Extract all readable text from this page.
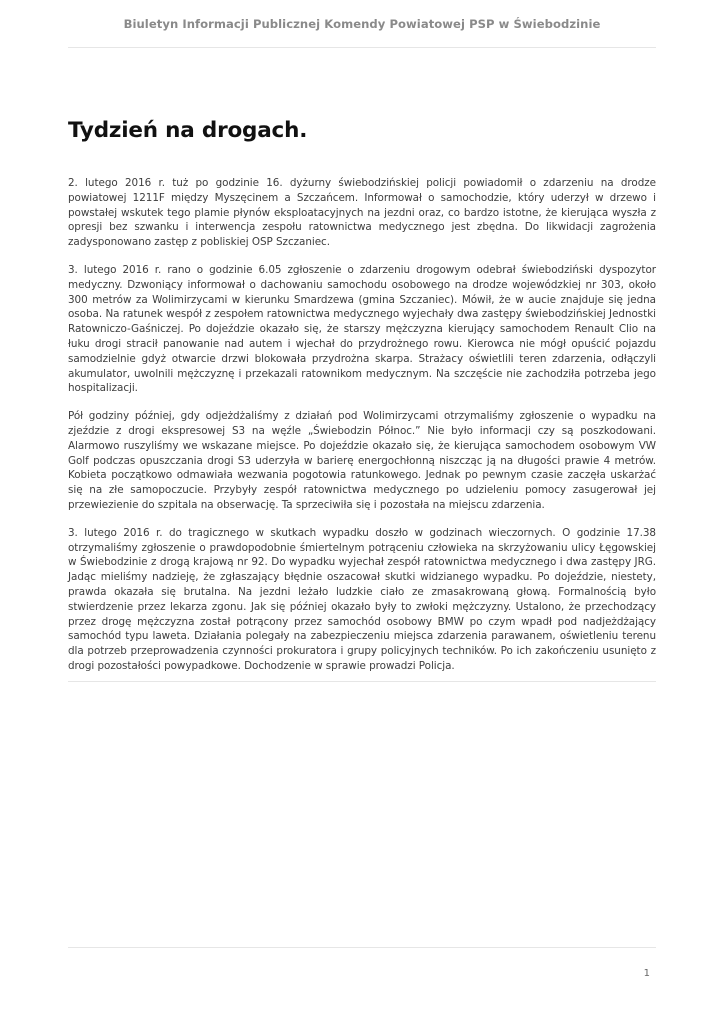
Biuletyn Informacji Publicznej Komendy Powiatowej PSP w Świebodzinie
Tydzień na drogach.

2. lutego 2016 r. tuż po godzinie 16. dyżurny świebodzińskiej policji powiadomił o zdarzeniu na drodze powiatowej 1211F między Myszęcinem a Szczańcem. Informował o samochodzie, który uderzył w drzewo i powstałej wskutek tego plamie płynów eksploatacyjnych na jezdni oraz, co bardzo istotne, że kierująca wyszła z opresji bez szwanku i interwencja zespołu ratownictwa medycznego jest zbędna. Do likwidacji zagrożenia zadysponowano zastęp z pobliskiej OSP Szczaniec.

3. lutego 2016 r. rano o godzinie 6.05 zgłoszenie o zdarzeniu drogowym odebrał świebodziński dyspozytor medyczny. Dzwoniący informował o dachowaniu samochodu osobowego na drodze wojewódzkiej nr 303, około 300 metrów za Wolimirzycami w kierunku Smardzewa (gmina Szczaniec). Mówił, że w aucie znajduje się jedna osoba. Na ratunek wespół z zespołem ratownictwa medycznego wyjechały dwa zastępy świebodzińskiej Jednostki Ratowniczo-Gaśniczej. Po dojeździe okazało się, że starszy mężczyzna kierujący samochodem Renault Clio na łuku drogi stracił panowanie nad autem i wjechał do przydrożnego rowu. Kierowca nie mógł opuścić pojazdu samodzielnie gdyż otwarcie drzwi blokowała przydrożna skarpa. Strażacy oświetlili teren zdarzenia, odłączyli akumulator, uwolnili mężczyznę i przekazali ratownikom medycznym. Na szczęście nie zachodziła potrzeba jego hospitalizacji.

Pół godziny później, gdy odjeżdżaliśmy z działań pod Wolimirzycami otrzymaliśmy zgłoszenie o wypadku na zjeździe z drogi ekspresowej S3 na węźle „Świebodzin Północ.” Nie było informacji czy są poszkodowani. Alarmowo ruszyliśmy we wskazane miejsce. Po dojeździe okazało się, że kierująca samochodem osobowym VW Golf podczas opuszczania drogi S3 uderzyła w barierę energochłonną niszcząc ją na długości prawie 4 metrów. Kobieta początkowo odmawiała wezwania pogotowia ratunkowego. Jednak po pewnym czasie zaczęła uskarżać się na złe samopoczucie. Przybyły zespół ratownictwa medycznego po udzieleniu pomocy zasugerował jej przewiezienie do szpitala na obserwację. Ta sprzeciwiła się i pozostała na miejscu zdarzenia.

3. lutego 2016 r. do tragicznego w skutkach wypadku doszło w godzinach wieczornych. O godzinie 17.38 otrzymaliśmy zgłoszenie o prawdopodobnie śmiertelnym potrąceniu człowieka na skrzyżowaniu ulicy Łęgowskiej w Świebodzinie z drogą krajową nr 92. Do wypadku wyjechał zespół ratownictwa medycznego i dwa zastępy JRG. Jadąc mieliśmy nadzieję, że zgłaszający błędnie oszacował skutki widzianego wypadku. Po dojeździe, niestety, prawda okazała się brutalna. Na jezdni leżało ludzkie ciało ze zmasakrowaną głową. Formalnością było stwierdzenie przez lekarza zgonu. Jak się później okazało były to zwłoki mężczyzny. Ustalono, że przechodzący przez drogę mężczyzna został potrącony przez samochód osobowy BMW po czym wpadł pod nadjeżdżający samochód typu laweta. Działania polegały na zabezpieczeniu miejsca zdarzenia parawanem, oświetleniu terenu dla potrzeb przeprowadzenia czynności prokuratora i grupy policyjnych techników. Po ich zakończeniu usunięto z drogi pozostałości powypadkowe. Dochodzenie w sprawie prowadzi Policja.

1
